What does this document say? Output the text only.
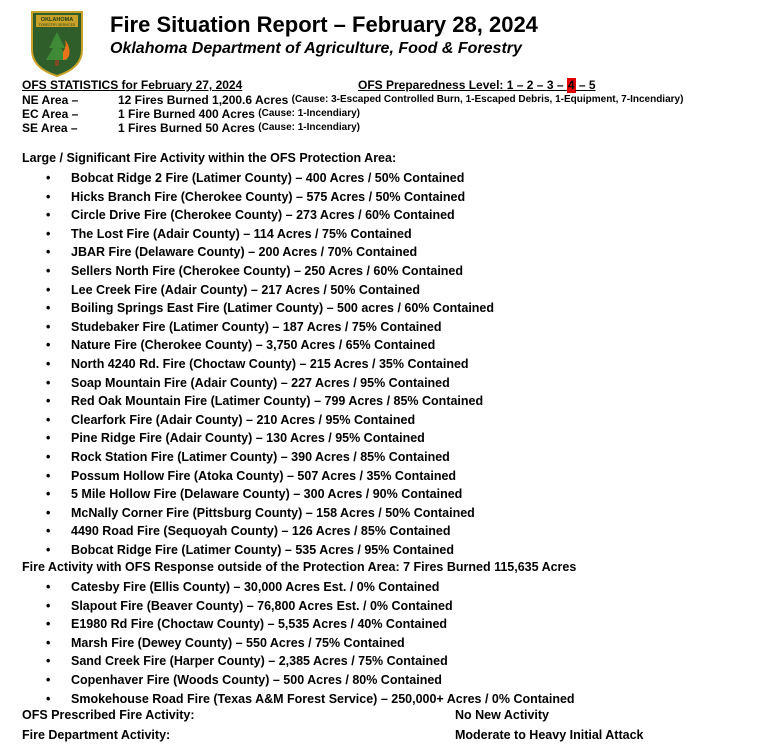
OKLAHOMA
FORESTRY SERVICES Fire Situation Report – February 28, 2024
Oklahoma Department of Agriculture, Food & Forestry
OFS STATISTICS for February 27, 2024	OFS Preparedness Level: 1 – 2 – 3 – 4 – 5
NE Area –	12 Fires Burned 1,200.6 Acres
(Cause: 3-Escaped Controlled Burn, 1-Escaped Debris, 1-Equipment, 7-Incendiary)
EC Area –	1 Fire Burned 400 Acres
(Cause: 1-Incendiary)
SE Area –	1 Fires Burned 50 Acres
(Cause: 1-Incendiary)
Large / Significant Fire Activity within the OFS Protection Area:
•	Bobcat Ridge 2 Fire (Latimer County) – 400 Acres / 50% Contained
•	Hicks Branch Fire (Cherokee County) – 575 Acres / 50% Contained
•	Circle Drive Fire (Cherokee County) – 273 Acres / 60% Contained
•	The Lost Fire (Adair County) – 114 Acres / 75% Contained
•	JBAR Fire (Delaware County) – 200 Acres / 70% Contained
•	Sellers North Fire (Cherokee County) – 250 Acres / 60% Contained
•	Lee Creek Fire (Adair County) – 217 Acres / 50% Contained
•	Boiling Springs East Fire (Latimer County) – 500 acres / 60% Contained
•	Studebaker Fire (Latimer County) – 187 Acres / 75% Contained
•	Nature Fire (Cherokee County) – 3,750 Acres / 65% Contained
•	North 4240 Rd. Fire (Choctaw County) – 215 Acres / 35% Contained
•	Soap Mountain Fire (Adair County) – 227 Acres / 95% Contained
•	Red Oak Mountain Fire (Latimer County) – 799 Acres / 85% Contained
•	Clearfork Fire (Adair County) – 210 Acres / 95% Contained
•	Pine Ridge Fire (Adair County) – 130 Acres / 95% Contained
•	Rock Station Fire (Latimer County) – 390 Acres / 85% Contained
•	Possum Hollow Fire (Atoka County) – 507 Acres / 35% Contained
•	5 Mile Hollow Fire (Delaware County) – 300 Acres / 90% Contained
•	McNally Corner Fire (Pittsburg County) – 158 Acres / 50% Contained
•	4490 Road Fire (Sequoyah County) – 126 Acres / 85% Contained
•	Bobcat Ridge Fire (Latimer County) – 535 Acres / 95% Contained
Fire Activity with OFS Response outside of the Protection Area: 7 Fires Burned 115,635 Acres
•	Catesby Fire (Ellis County) – 30,000 Acres Est. / 0% Contained
•	Slapout Fire (Beaver County) – 76,800 Acres Est. / 0% Contained
•	E1980 Rd Fire (Choctaw County) – 5,535 Acres / 40% Contained
•	Marsh Fire (Dewey County) – 550 Acres / 75% Contained
•	Sand Creek Fire (Harper County) – 2,385 Acres / 75% Contained
•	Copenhaver Fire (Woods County) – 500 Acres / 80% Contained
•	Smokehouse Road Fire (Texas A&M Forest Service) – 250,000+ Acres / 0% Contained
OFS Prescribed Fire Activity:	No New Activity
Fire Department Activity:	Moderate to Heavy Initial Attack
